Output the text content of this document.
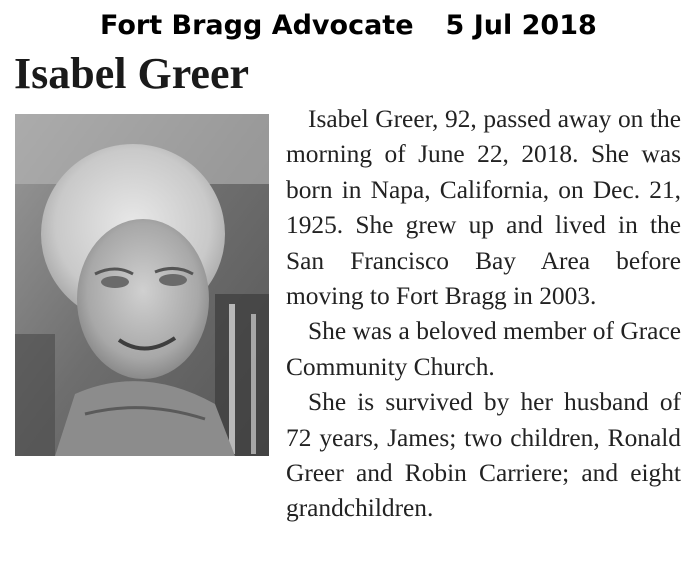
Fort Bragg Advocate 5 Jul 2018
Isabel Greer

Isabel Greer, 92, passed away on the morning of June 22, 2018. She was born in Napa, California, on Dec. 21, 1925. She grew up and lived in the San Francisco Bay Area before moving to Fort Bragg in 2003.

She was a beloved member of Grace Community Church.

She is survived by her husband of 72 years, James; two children, Ronald Greer and Robin Carriere; and eight grandchildren.
